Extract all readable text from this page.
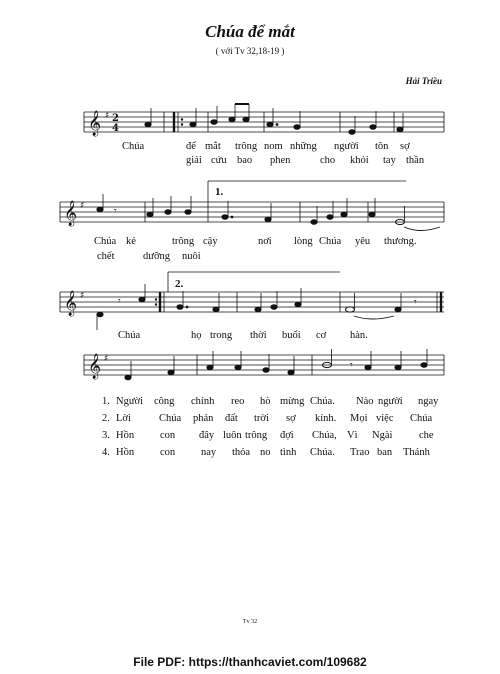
Chúa để mắt
( với Tv 32,18-19 )
Hải Triều
𝄞 ♯ 2
4
1.
𝄞 ♯	𝄾
2.
𝄞 ♯	𝄾	𝄾
𝄞 ♯
𝄾
Chúa	để mắt trông nom những người tôn sợ
giải cứu bao phen	cho khỏi tay thần
Chúa kẻ	trông cậy	nơi lòng Chúa yêu thương.
chết	dưỡng nuôi
Chúa	họ trong thời buổi cơ hàn.
1. Người công chính reo hò mừng Chúa. Nào người ngay
2. Lời	Chúa phán đất trời sợ kính. Mọi việc Chúa
3. Hồn con đây luôn trông đợi Chúa, Vì Ngài	che
4. Hồn con nay thỏa no tình Chúa. Trao ban Thánh
Tv 32
File PDF: https://thanhcaviet.com/109682
